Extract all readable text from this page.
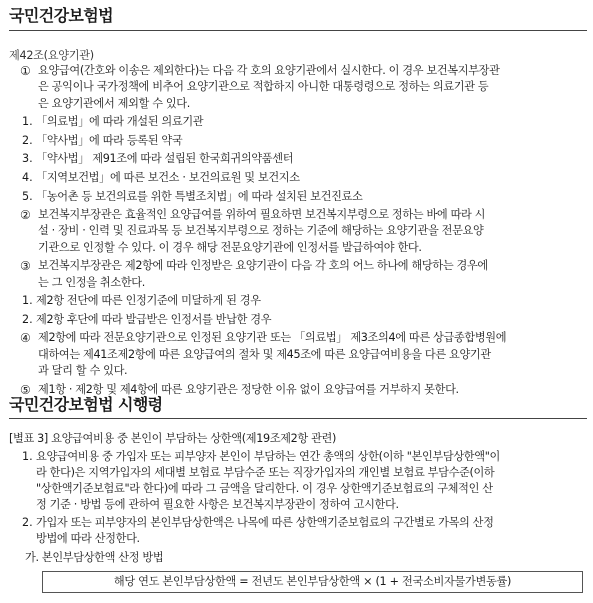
국민건강보험법
제42조(요양기관)
① 요양급여(간호와 이송은 제외한다)는 다음 각 호의 요양기관에서 실시한다. 이 경우 보건복지부장관
은 공익이나 국가정책에 비추어 요양기관으로 적합하지 아니한 대통령령으로 정하는 의료기관 등
은 요양기관에서 제외할 수 있다.
1. 「의료법」에 따라 개설된 의료기관
2. 「약사법」에 따라 등록된 약국
3. 「약사법」 제91조에 따라 설립된 한국희귀의약품센터
4. 「지역보건법」에 따른 보건소 · 보건의료원 및 보건지소
5. 「농어촌 등 보건의료를 위한 특별조치법」에 따라 설치된 보건진료소
② 보건복지부장관은 효율적인 요양급여를 위하여 필요하면 보건복지부령으로 정하는 바에 따라 시
설 · 장비 · 인력 및 진료과목 등 보건복지부령으로 정하는 기준에 해당하는 요양기관을 전문요양
기관으로 인정할 수 있다. 이 경우 해당 전문요양기관에 인정서를 발급하여야 한다.
③ 보건복지부장관은 제2항에 따라 인정받은 요양기관이 다음 각 호의 어느 하나에 해당하는 경우에
는 그 인정을 취소한다.
1. 제2항 전단에 따른 인정기준에 미달하게 된 경우
2. 제2항 후단에 따라 발급받은 인정서를 반납한 경우
④ 제2항에 따라 전문요양기관으로 인정된 요양기관 또는 「의료법」 제3조의4에 따른 상급종합병원에
대하여는 제41조제2항에 따른 요양급여의 절차 및 제45조에 따른 요양급여비용을 다른 요양기관
과 달리 할 수 있다.
⑤ 제1항 · 제2항 및 제4항에 따른 요양기관은 정당한 이유 없이 요양급여를 거부하지 못한다.
국민건강보험법 시행령
[별표 3] 요양급여비용 중 본인이 부담하는 상한액(제19조제2항 관련)
1. 요양급여비용 중 가입자 또는 피부양자 본인이 부담하는 연간 총액의 상한(이하 "본인부담상한액"이
라 한다)은 지역가입자의 세대별 보험료 부담수준 또는 직장가입자의 개인별 보험료 부담수준(이하
"상한액기준보험료"라 한다)에 따라 그 금액을 달리한다. 이 경우 상한액기준보험료의 구체적인 산
정 기준 · 방법 등에 관하여 필요한 사항은 보건복지부장관이 정하여 고시한다.
2. 가입자 또는 피부양자의 본인부담상한액은 나목에 따른 상한액기준보험료의 구간별로 가목의 산정
방법에 따라 산정한다.
가. 본인부담상한액 산정 방법
해당 연도 본인부담상한액 = 전년도 본인부담상한액 × (1 + 전국소비자물가변동률)
